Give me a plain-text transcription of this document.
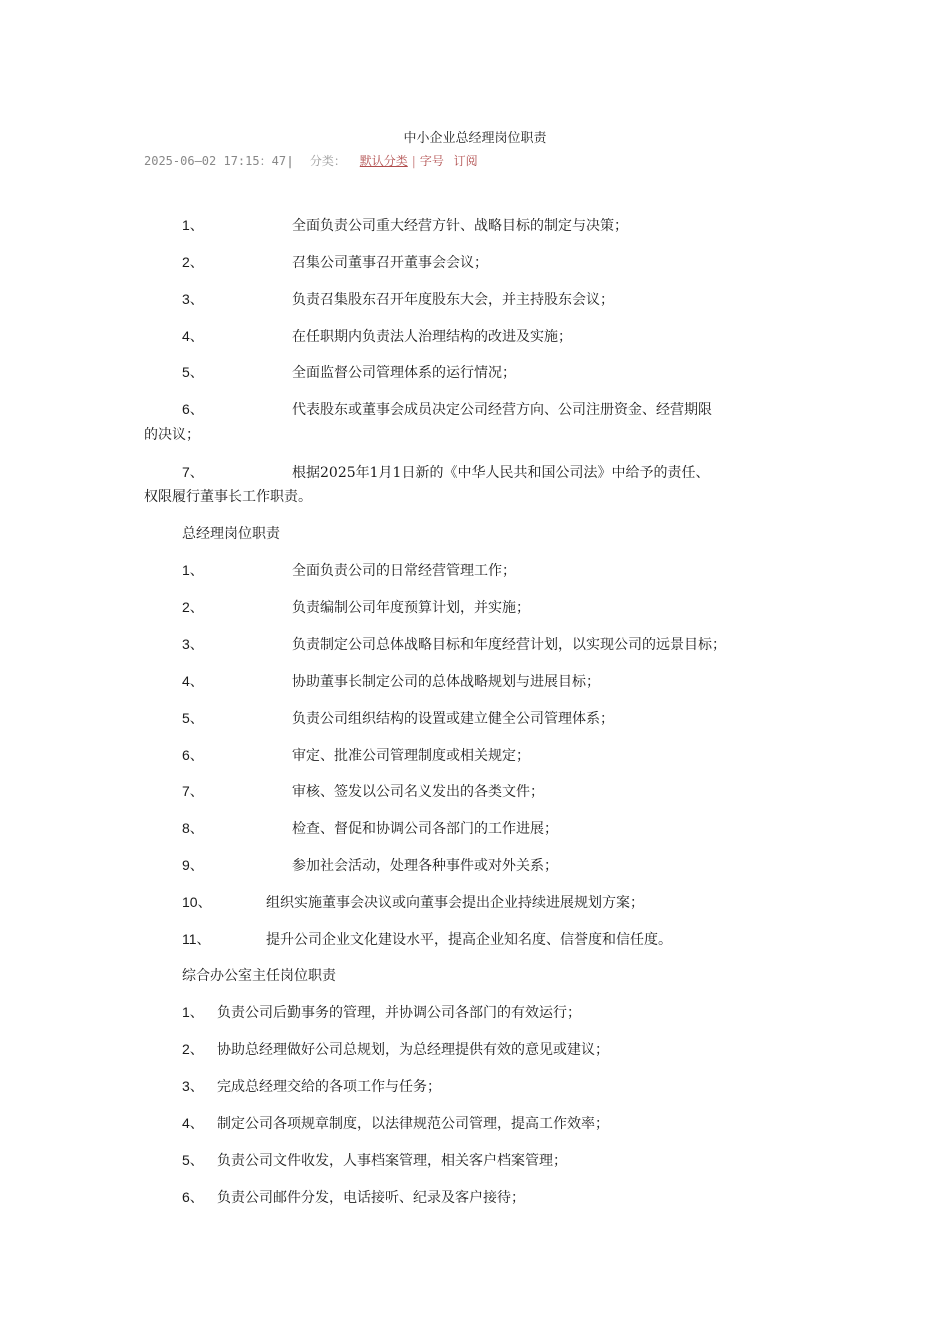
中小企业总经理岗位职责
2025-06—02 17:15：47 | 分类： 默认分类 | 字号 订阅
1、	全面负责公司重大经营方针、战略目标的制定与决策；
2、	召集公司董事召开董事会会议；
3、	负责召集股东召开年度股东大会，并主持股东会议；
4、	在任职期内负责法人治理结构的改进及实施；
5、	全面监督公司管理体系的运行情况；
6、	代表股东或董事会成员决定公司经营方向、公司注册资金、经营期限
的决议；
7、	根据2025年1月1日新的《中华人民共和国公司法》中给予的责任、
权限履行董事长工作职责。
总经理岗位职责
1、	全面负责公司的日常经营管理工作；
2、	负责编制公司年度预算计划，并实施；
3、	负责制定公司总体战略目标和年度经营计划，以实现公司的远景目标；
4、	协助董事长制定公司的总体战略规划与进展目标；
5、	负责公司组织结构的设置或建立健全公司管理体系；
6、	审定、批准公司管理制度或相关规定；
7、	审核、签发以公司名义发出的各类文件；
8、	检查、督促和协调公司各部门的工作进展；
9、	参加社会活动，处理各种事件或对外关系；
10、	组织实施董事会决议或向董事会提出企业持续进展规划方案；
11、	提升公司企业文化建设水平，提高企业知名度、信誉度和信任度。
综合办公室主任岗位职责
1、 负责公司后勤事务的管理，并协调公司各部门的有效运行；
2、 协助总经理做好公司总规划，为总经理提供有效的意见或建议；
3、 完成总经理交给的各项工作与任务；
4、 制定公司各项规章制度，以法律规范公司管理，提高工作效率；
5、 负责公司文件收发，人事档案管理，相关客户档案管理；
6、 负责公司邮件分发，电话接听、纪录及客户接待；
